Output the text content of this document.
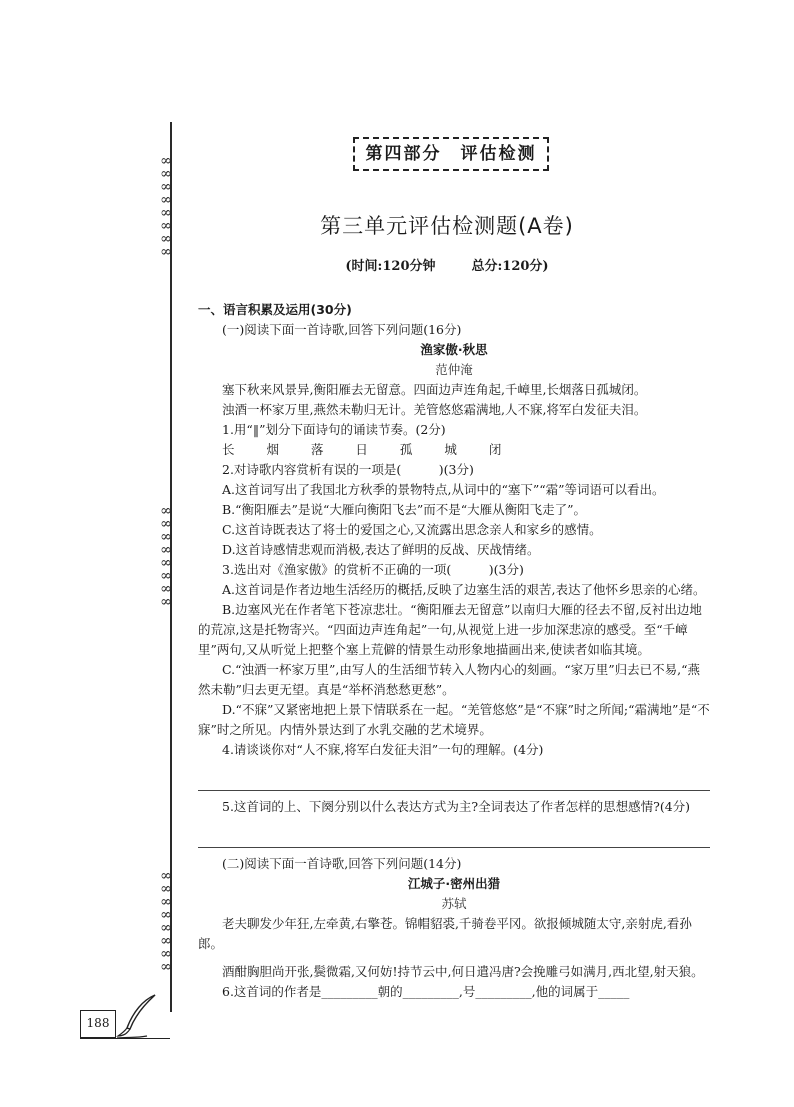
∞
∞
∞
∞
∞
∞
∞
∞
∞
∞
∞
∞
∞
∞
∞
∞
∞
∞
∞
∞
∞
∞
∞
∞
第四部分　评估检测
第三单元评估检测题(A卷)
(时间:120分钟	总分:120分)
一、语言积累及运用(30分)
(一)阅读下面一首诗歌,回答下列问题(16分)
渔家傲·秋思
范仲淹
塞下秋来风景异,衡阳雁去无留意。四面边声连角起,千嶂里,长烟落日孤城闭。
浊酒一杯家万里,燕然未勒归无计。羌管悠悠霜满地,人不寐,将军白发征夫泪。
1.用“‖”划分下面诗句的诵读节奏。(2分)
长 烟 落 日 孤 城 闭
2.对诗歌内容赏析有误的一项是(　　　)(3分)
A.这首词写出了我国北方秋季的景物特点,从词中的“塞下”“霜”等词语可以看出。
B.“衡阳雁去”是说“大雁向衡阳飞去”而不是“大雁从衡阳飞走了”。
C.这首诗既表达了将士的爱国之心,又流露出思念亲人和家乡的感情。
D.这首诗感情悲观而消极,表达了鲜明的反战、厌战情绪。
3.选出对《渔家傲》的赏析不正确的一项(　　　)(3分)
A.这首词是作者边地生活经历的概括,反映了边塞生活的艰苦,表达了他怀乡思亲的心绪。
B.边塞风光在作者笔下苍凉悲壮。“衡阳雁去无留意”以南归大雁的径去不留,反衬出边地的荒凉,这是托物寄兴。“四面边声连角起”一句,从视觉上进一步加深悲凉的感受。至“千嶂里”两句,又从听觉上把整个塞上荒僻的情景生动形象地描画出来,使读者如临其境。
C.“浊酒一杯家万里”,由写人的生活细节转入人物内心的刻画。“家万里”归去已不易,“燕然未勒”归去更无望。真是“举杯消愁愁更愁”。
D.“不寐”又紧密地把上景下情联系在一起。“羌管悠悠”是“不寐”时之所闻;“霜满地”是“不寐”时之所见。内情外景达到了水乳交融的艺术境界。
4.请谈谈你对“人不寐,将军白发征夫泪”一句的理解。(4分)
5.这首词的上、下阕分别以什么表达方式为主?全词表达了作者怎样的思想感情?(4分)
(二)阅读下面一首诗歌,回答下列问题(14分)
江城子·密州出猎
苏轼
老夫聊发少年狂,左牵黄,右擎苍。锦帽貂裘,千骑卷平冈。欲报倾城随太守,亲射虎,看孙郎。
酒酣胸胆尚开张,鬓微霜,又何妨!持节云中,何日遣冯唐?会挽雕弓如满月,西北望,射天狼。
6.这首词的作者是_________朝的_________,号_________,他的词属于_____
188
